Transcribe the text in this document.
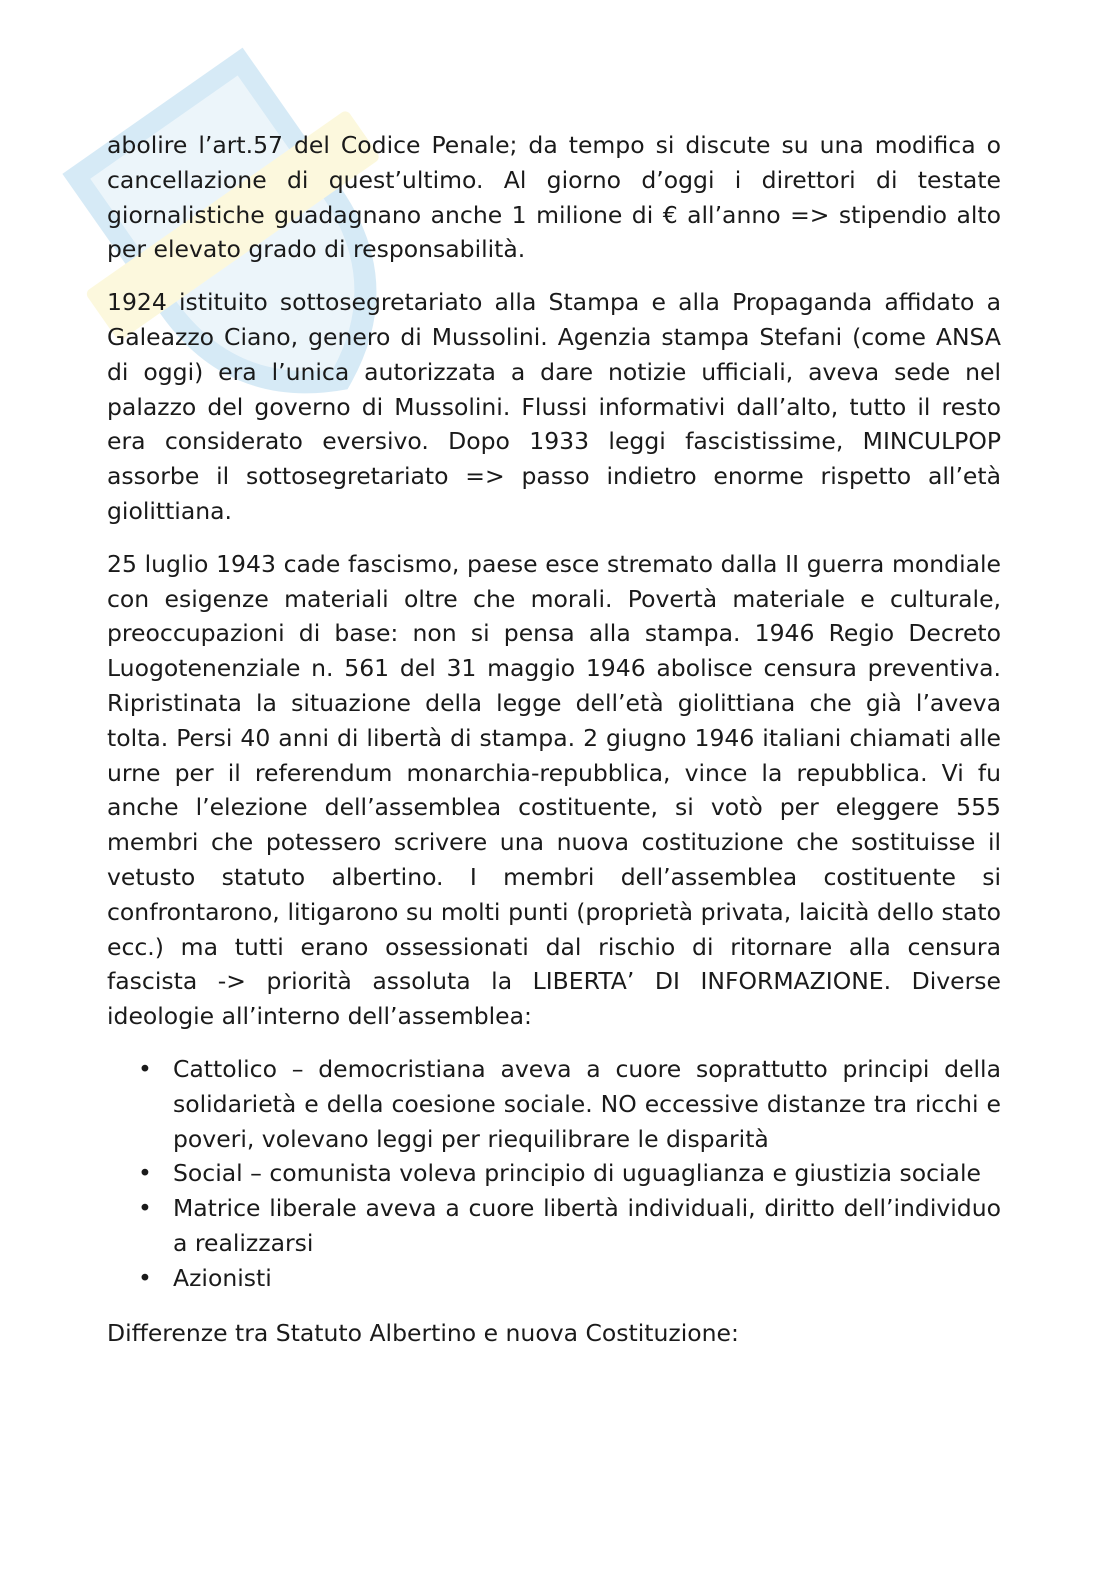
abolire l’art.57 del Codice Penale; da tempo si discute su una modifica o cancellazione di quest’ultimo. Al giorno d’oggi i direttori di testate giornalistiche guadagnano anche 1 milione di € all’anno => stipendio alto per elevato grado di responsabilità.

1924 istituito sottosegretariato alla Stampa e alla Propaganda affidato a Galeazzo Ciano, genero di Mussolini. Agenzia stampa Stefani (come ANSA di oggi) era l’unica autorizzata a dare notizie ufficiali, aveva sede nel palazzo del governo di Mussolini. Flussi informativi dall’alto, tutto il resto era considerato eversivo. Dopo 1933 leggi fascistissime, MINCULPOP assorbe il sottosegretariato => passo indietro enorme rispetto all’età giolittiana.

25 luglio 1943 cade fascismo, paese esce stremato dalla II guerra mondiale con esigenze materiali oltre che morali. Povertà materiale e culturale, preoccupazioni di base: non si pensa alla stampa. 1946 Regio Decreto Luogotenenziale n. 561 del 31 maggio 1946 abolisce censura preventiva. Ripristinata la situazione della legge dell’età giolittiana che già l’aveva tolta. Persi 40 anni di libertà di stampa. 2 giugno 1946 italiani chiamati alle urne per il referendum monarchia-repubblica, vince la repubblica. Vi fu anche l’elezione dell’assemblea costituente, si votò per eleggere 555 membri che potessero scrivere una nuova costituzione che sostituisse il vetusto statuto albertino. I membri dell’assemblea costituente si confrontarono, litigarono su molti punti (proprietà privata, laicità dello stato ecc.) ma tutti erano ossessionati dal rischio di ritornare alla censura fascista -> priorità assoluta la LIBERTA’ DI INFORMAZIONE. Diverse ideologie all’interno dell’assemblea:

• Cattolico – democristiana aveva a cuore soprattutto principi della solidarietà e della coesione sociale. NO eccessive distanze tra ricchi e poveri, volevano leggi per riequilibrare le disparità
• Social – comunista voleva principio di uguaglianza e giustizia sociale
• Matrice liberale aveva a cuore libertà individuali, diritto dell’individuo a realizzarsi
• Azionisti

Differenze tra Statuto Albertino e nuova Costituzione:
